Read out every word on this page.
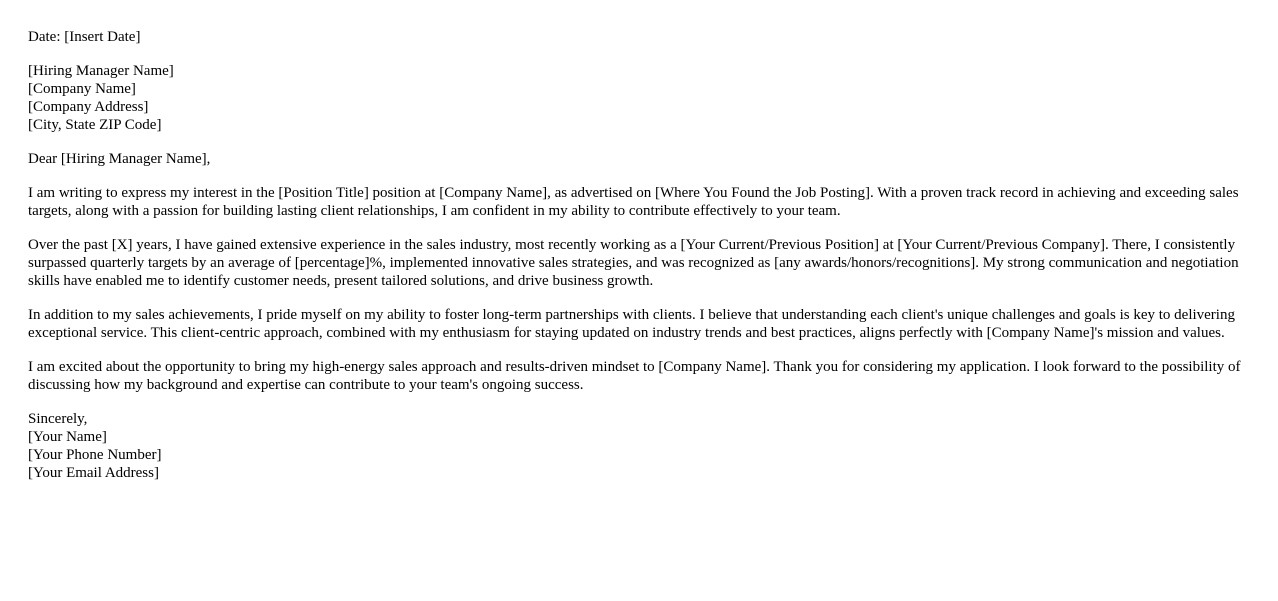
Date: [Insert Date]

[Hiring Manager Name]
[Company Name]
[Company Address]
[City, State ZIP Code]

Dear [Hiring Manager Name],

I am writing to express my interest in the [Position Title] position at [Company Name], as advertised on [Where You Found the Job Posting]. With a proven track record in achieving and exceeding sales targets, along with a passion for building lasting client relationships, I am confident in my ability to contribute effectively to your team.

Over the past [X] years, I have gained extensive experience in the sales industry, most recently working as a [Your Current/Previous Position] at [Your Current/Previous Company]. There, I consistently surpassed quarterly targets by an average of [percentage]%, implemented innovative sales strategies, and was recognized as [any awards/honors/recognitions]. My strong communication and negotiation skills have enabled me to identify customer needs, present tailored solutions, and drive business growth.

In addition to my sales achievements, I pride myself on my ability to foster long-term partnerships with clients. I believe that understanding each client's unique challenges and goals is key to delivering exceptional service. This client-centric approach, combined with my enthusiasm for staying updated on industry trends and best practices, aligns perfectly with [Company Name]'s mission and values.

I am excited about the opportunity to bring my high-energy sales approach and results-driven mindset to [Company Name]. Thank you for considering my application. I look forward to the possibility of discussing how my background and expertise can contribute to your team's ongoing success.

Sincerely,
[Your Name]
[Your Phone Number]
[Your Email Address]
